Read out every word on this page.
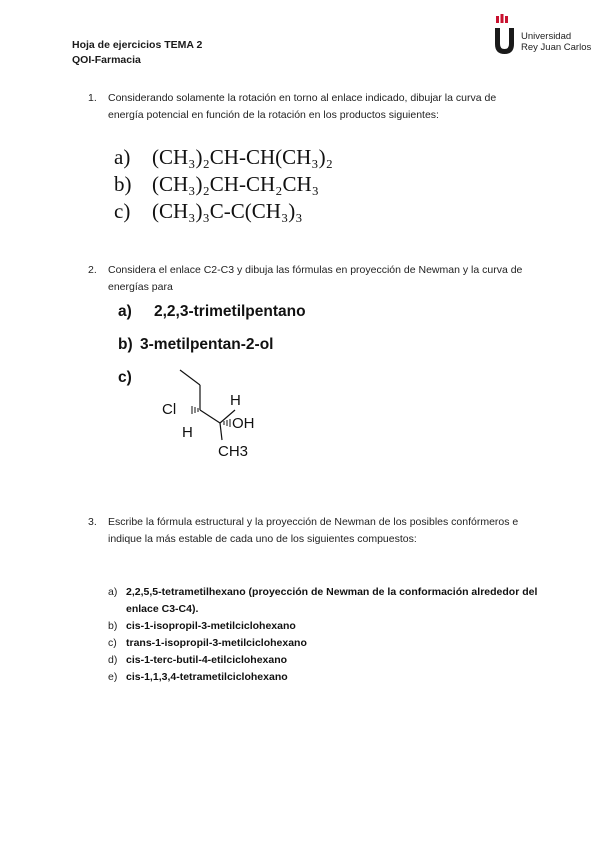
Hoja de ejercicios TEMA 2
QOI-Farmacia
Universidad
Rey Juan Carlos
1. Considerando solamente la rotación en torno al enlace indicado, dibujar la curva de energía potencial en función de la rotación en los productos siguientes:
a)	(CH₃)₂CH-CH(CH₃)₂
b) (CH₃)₂CH-CH₂CH₃
c)	(CH₃)₃C-C(CH₃)₃
2. Considera el enlace C2-C3 y dibuja las fórmulas en proyección de Newman y la curva de energías para
a) 2,2,3-trimetilpentano
b) 3-metilpentan-2-ol
c)
Cl
H
H
OH
CH3
3. Escribe la fórmula estructural y la proyección de Newman de los posibles confórmeros e indique la más estable de cada uno de los siguientes compuestos:
a) 2,2,5,5-tetrametilhexano (proyección de Newman de la conformación alrededor del enlace C3-C4).
b) cis-1-isopropil-3-metilciclohexano
c) trans-1-isopropil-3-metilciclohexano
d) cis-1-terc-butil-4-etilciclohexano
e) cis-1,1,3,4-tetrametilciclohexano
